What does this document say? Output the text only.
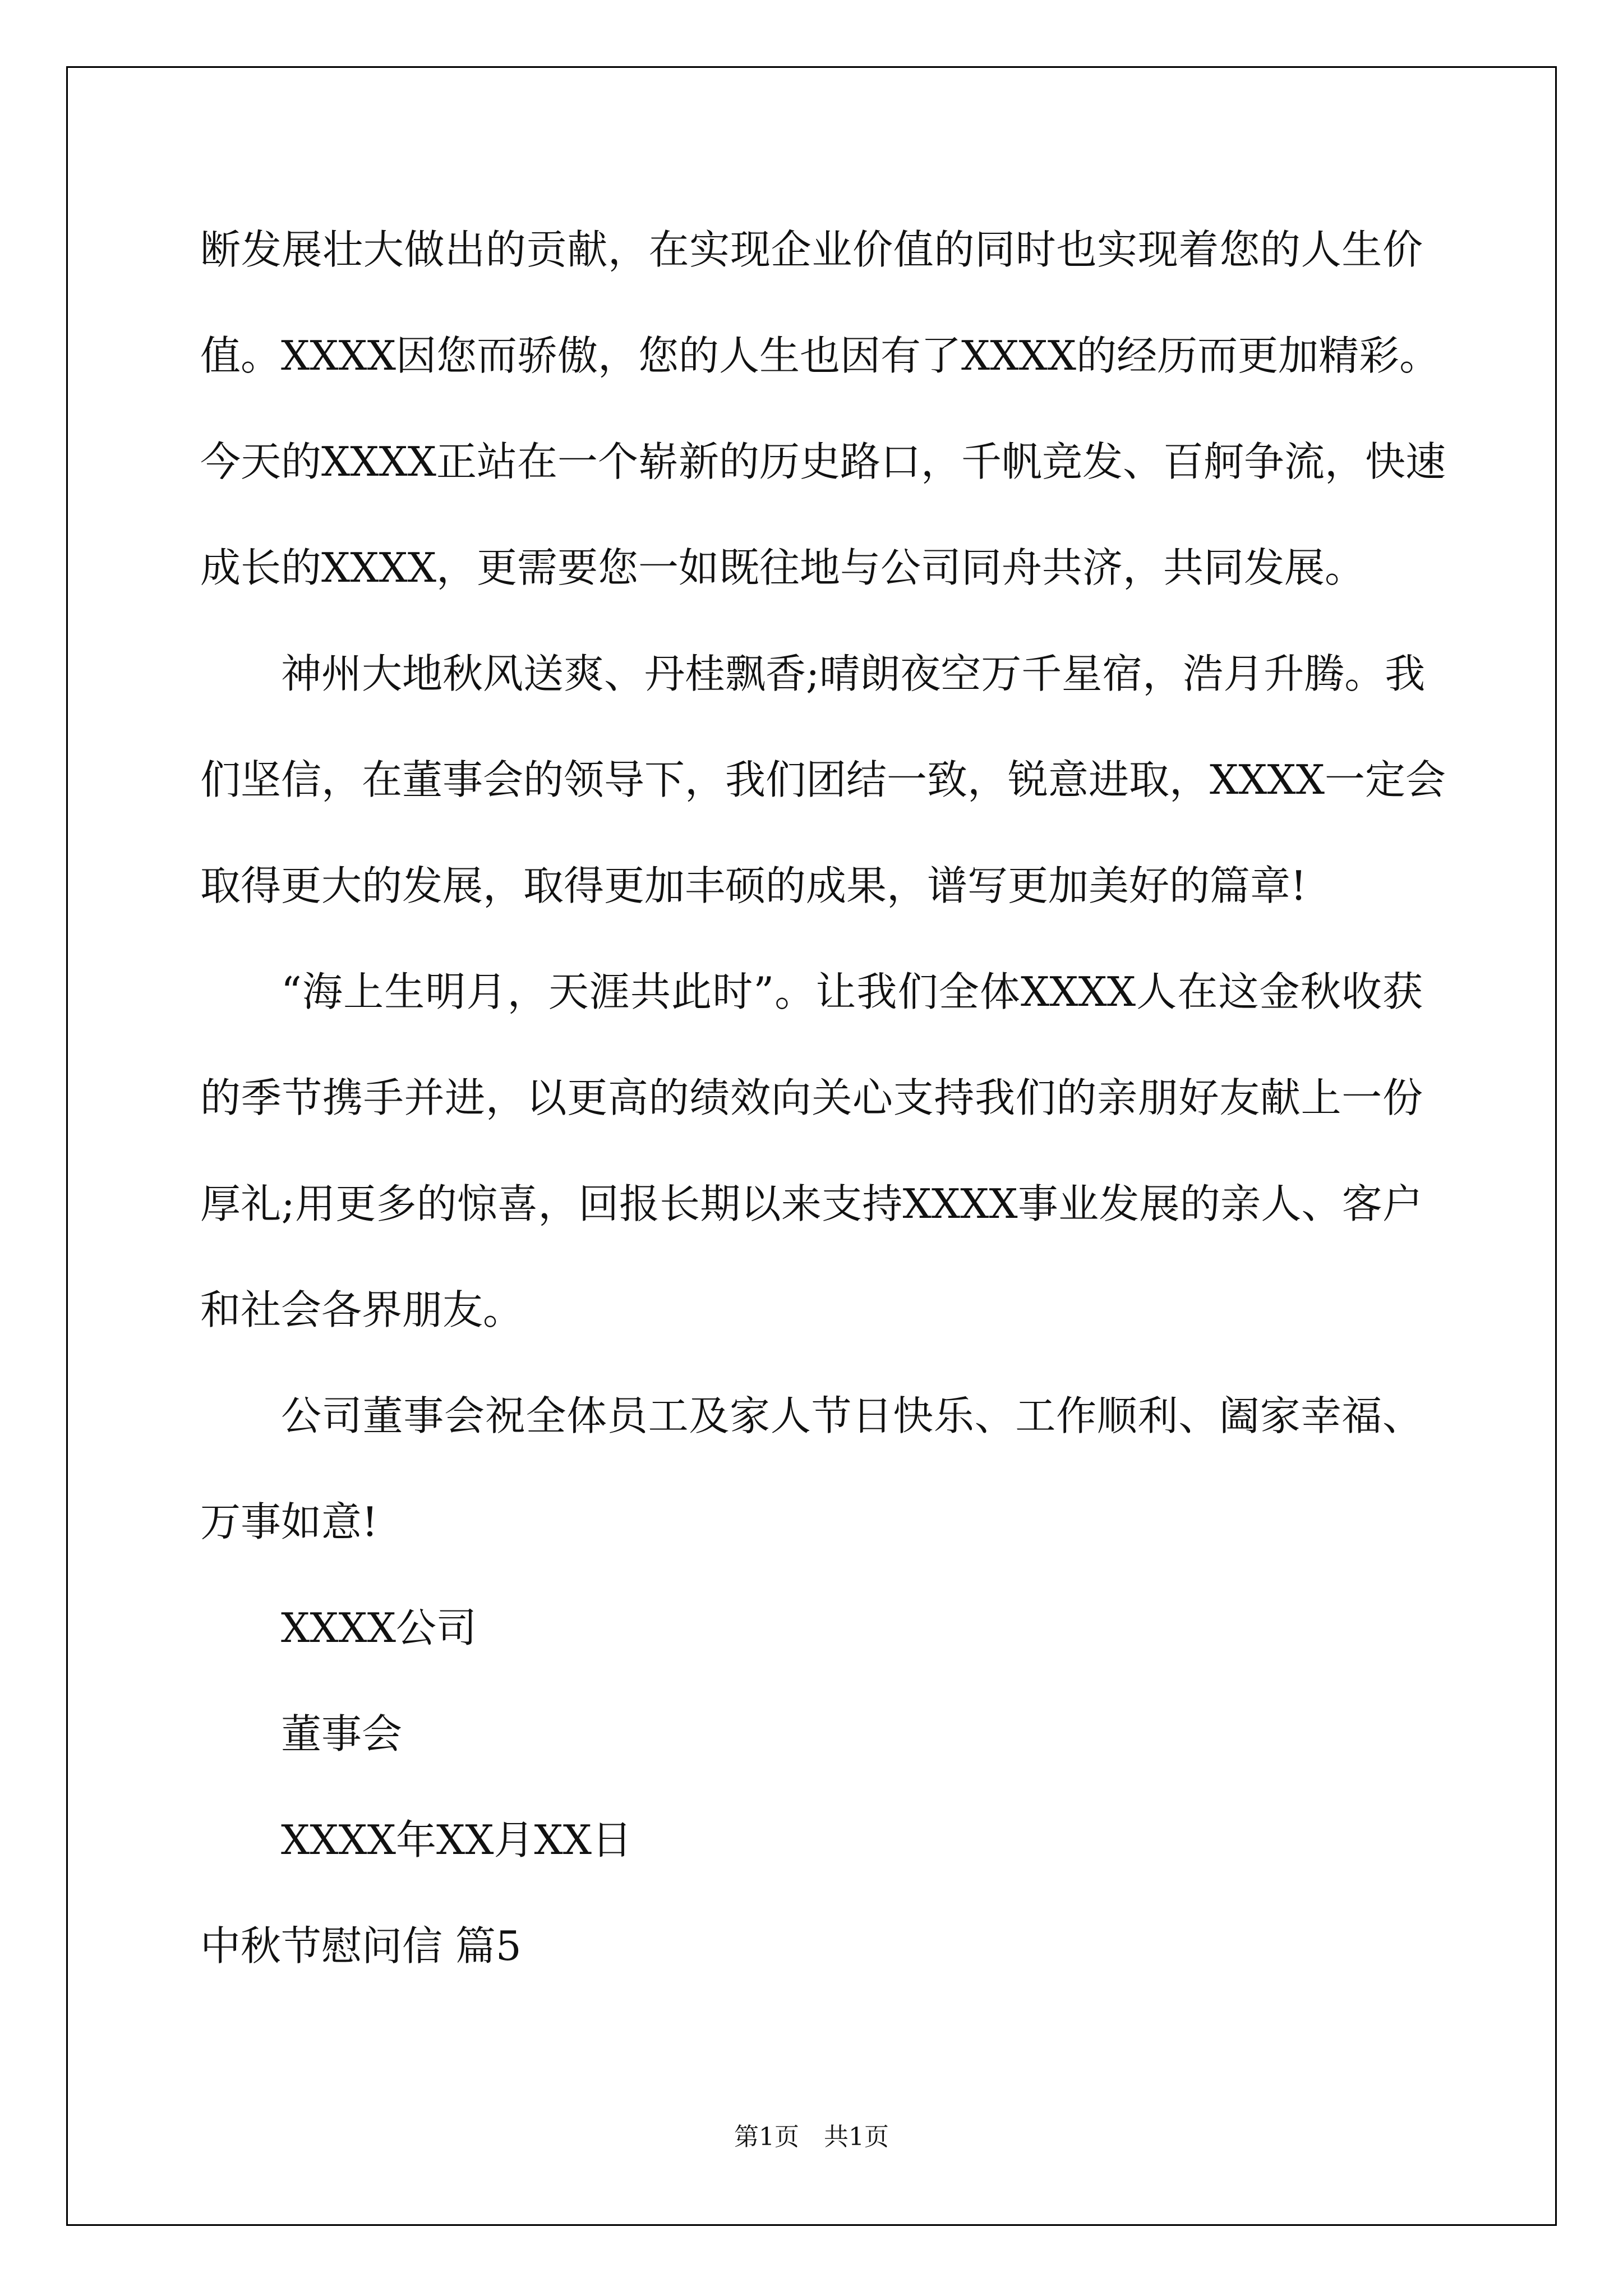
断发展壮大做出的贡献，在实现企业价值的同时也实现着您的人生价
值。XXXX因您而骄傲，您的人生也因有了XXXX的经历而更加精彩。
今天的XXXX正站在一个崭新的历史路口，千帆竞发、百舸争流，快速
成长的XXXX，更需要您一如既往地与公司同舟共济，共同发展。
神州大地秋风送爽、丹桂飘香;晴朗夜空万千星宿，浩月升腾。我
们坚信，在董事会的领导下，我们团结一致，锐意进取，XXXX一定会
取得更大的发展，取得更加丰硕的成果，谱写更加美好的篇章!
“海上生明月，天涯共此时”。让我们全体XXXX人在这金秋收获
的季节携手并进，以更高的绩效向关心支持我们的亲朋好友献上一份
厚礼;用更多的惊喜，回报长期以来支持XXXX事业发展的亲人、客户
和社会各界朋友。
公司董事会祝全体员工及家人节日快乐、工作顺利、阖家幸福、
万事如意!
XXXX公司
董事会
XXXX年XX月XX日
中秋节慰问信 篇5
第1页　共1页
